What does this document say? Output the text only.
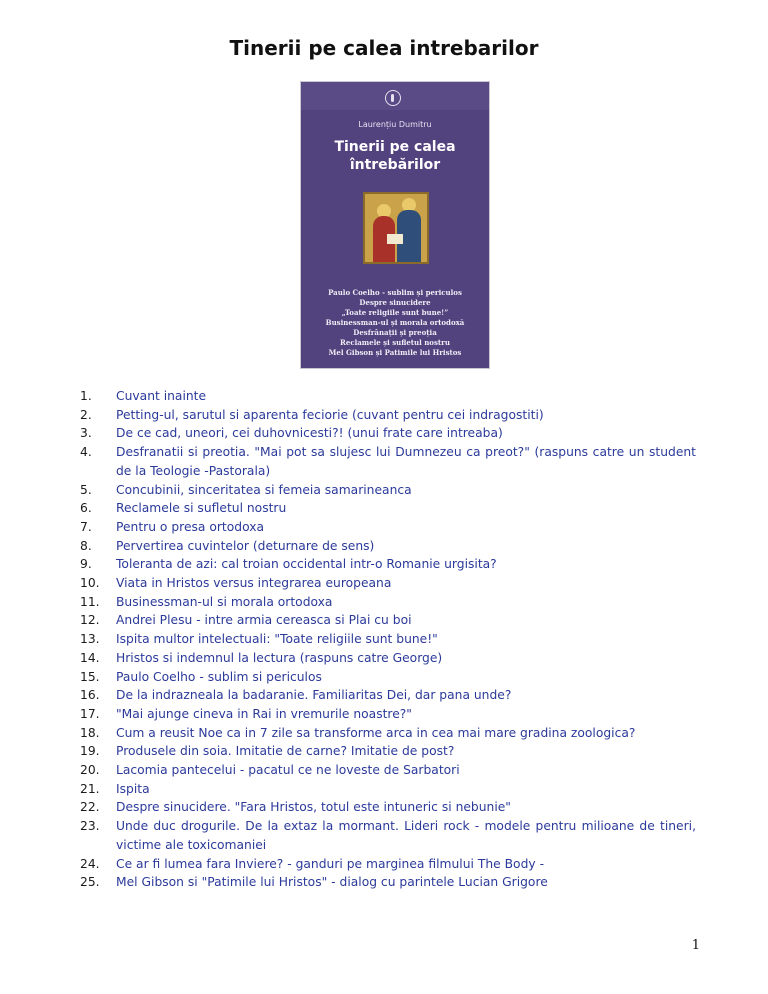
Tinerii pe calea intrebarilor
Laurențiu Dumitru
Tinerii pe calea
întrebărilor
Paulo Coelho - sublim și periculos
Despre sinucidere
„Toate religiile sunt bune!”
Businessman-ul și morala ortodoxă
Desfrânații și preoția
Reclamele și sufletul nostru
Mel Gibson și Patimile lui Hristos
1. Cuvant inainte
2. Petting-ul, sarutul si aparenta feciorie (cuvant pentru cei indragostiti)
3. De ce cad, uneori, cei duhovnicesti?! (unui frate care intreaba)
4. Desfranatii si preotia. "Mai pot sa slujesc lui Dumnezeu ca preot?" (raspuns catre un student de la Teologie -Pastorala)
5. Concubinii, sinceritatea si femeia samarineanca
6. Reclamele si sufletul nostru
7. Pentru o presa ortodoxa
8. Pervertirea cuvintelor (deturnare de sens)
9. Toleranta de azi: cal troian occidental intr-o Romanie urgisita?
10. Viata in Hristos versus integrarea europeana
11. Businessman-ul si morala ortodoxa
12. Andrei Plesu - intre armia cereasca si Plai cu boi
13. Ispita multor intelectuali: "Toate religiile sunt bune!"
14. Hristos si indemnul la lectura (raspuns catre George)
15. Paulo Coelho - sublim si periculos
16. De la indrazneala la badaranie. Familiaritas Dei, dar pana unde?
17. "Mai ajunge cineva in Rai in vremurile noastre?"
18. Cum a reusit Noe ca in 7 zile sa transforme arca in cea mai mare gradina zoologica?
19. Produsele din soia. Imitatie de carne? Imitatie de post?
20. Lacomia pantecelui - pacatul ce ne loveste de Sarbatori
21. Ispita
22. Despre sinucidere. "Fara Hristos, totul este intuneric si nebunie"
23. Unde duc drogurile. De la extaz la mormant. Lideri rock - modele pentru milioane de tineri, victime ale toxicomaniei
24. Ce ar fi lumea fara Inviere? - ganduri pe marginea filmului The Body -
25. Mel Gibson si "Patimile lui Hristos" - dialog cu parintele Lucian Grigore
1
